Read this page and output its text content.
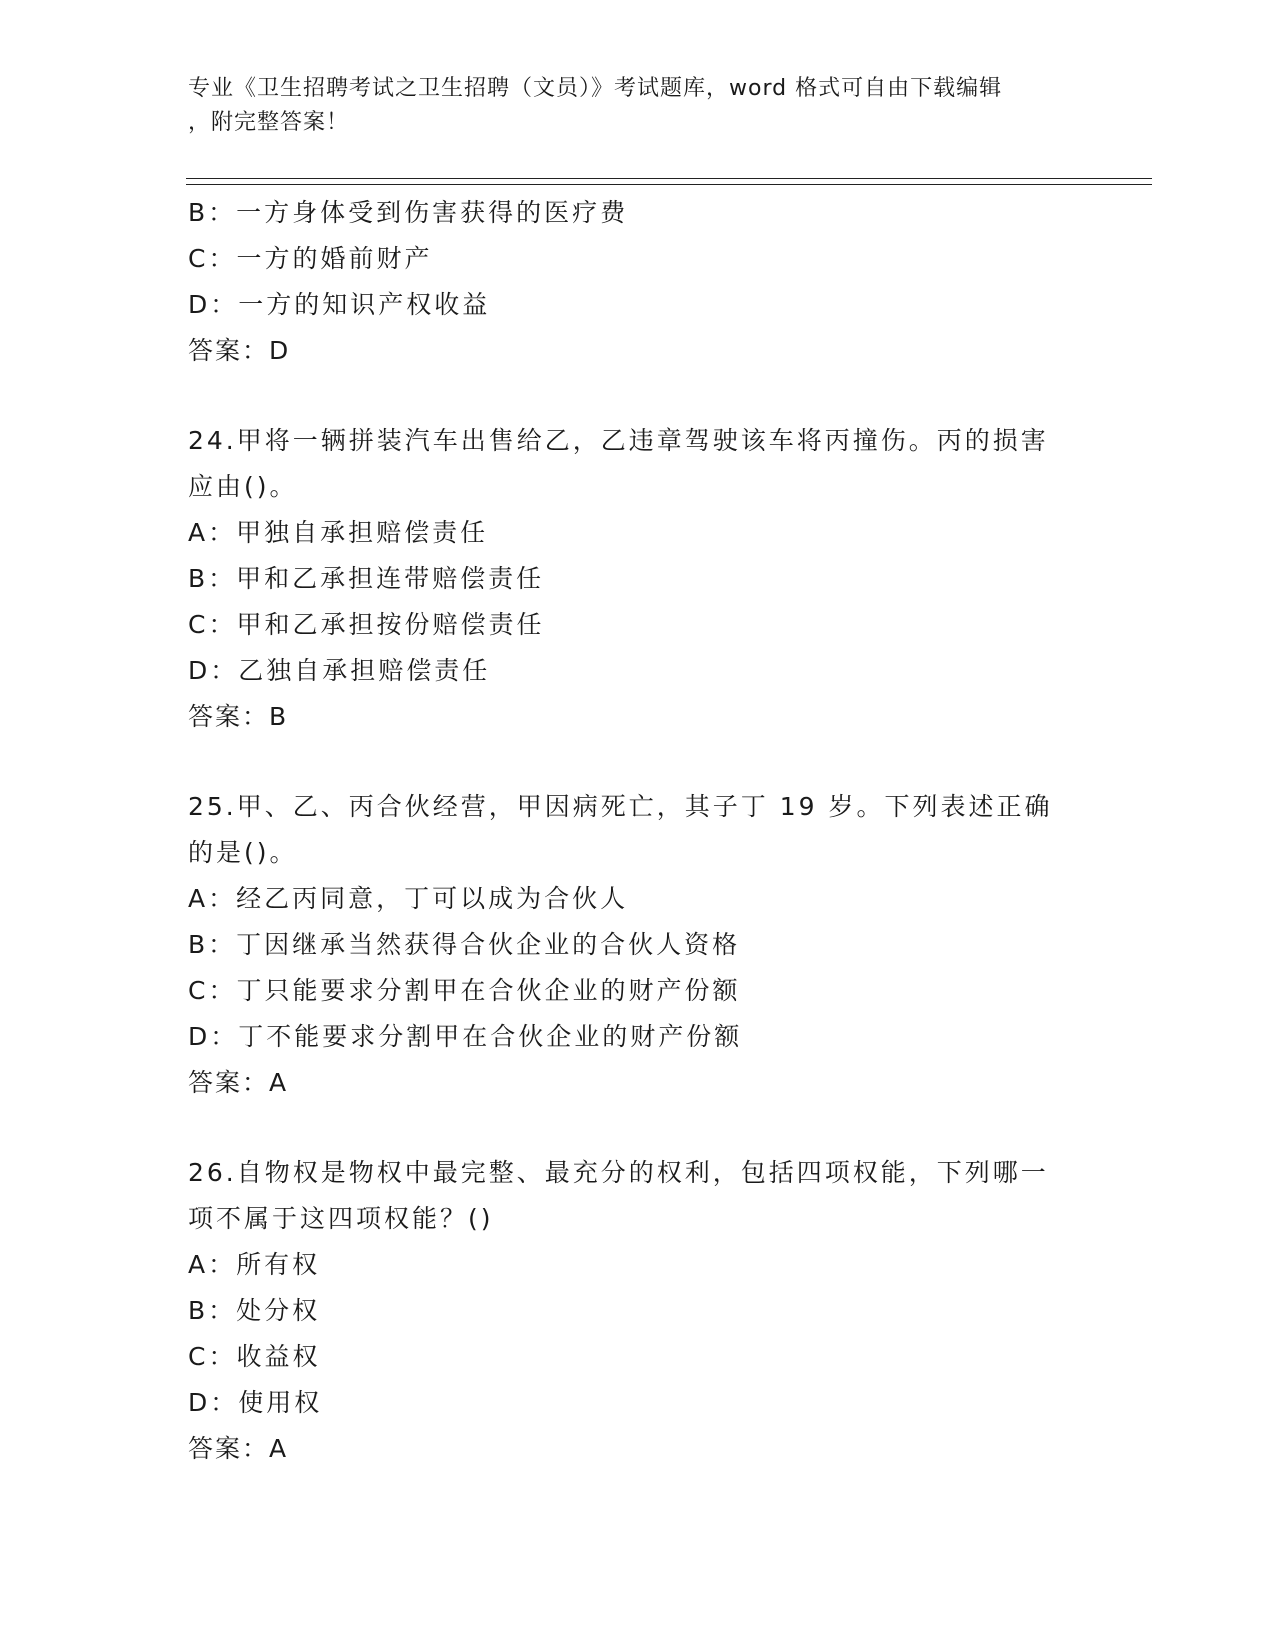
专业《卫生招聘考试之卫生招聘（文员）》考试题库，word 格式可自由下载编辑
，附完整答案！
B：一方身体受到伤害获得的医疗费
C：一方的婚前财产
D：一方的知识产权收益
答案：D
24.甲将一辆拼装汽车出售给乙，乙违章驾驶该车将丙撞伤。丙的损害
应由()。
A：甲独自承担赔偿责任
B：甲和乙承担连带赔偿责任
C：甲和乙承担按份赔偿责任
D：乙独自承担赔偿责任
答案：B
25.甲、乙、丙合伙经营，甲因病死亡，其子丁 19 岁。下列表述正确
的是()。
A：经乙丙同意，丁可以成为合伙人
B：丁因继承当然获得合伙企业的合伙人资格
C：丁只能要求分割甲在合伙企业的财产份额
D：丁不能要求分割甲在合伙企业的财产份额
答案：A
26.自物权是物权中最完整、最充分的权利，包括四项权能，下列哪一
项不属于这四项权能？()
A：所有权
B：处分权
C：收益权
D：使用权
答案：A
